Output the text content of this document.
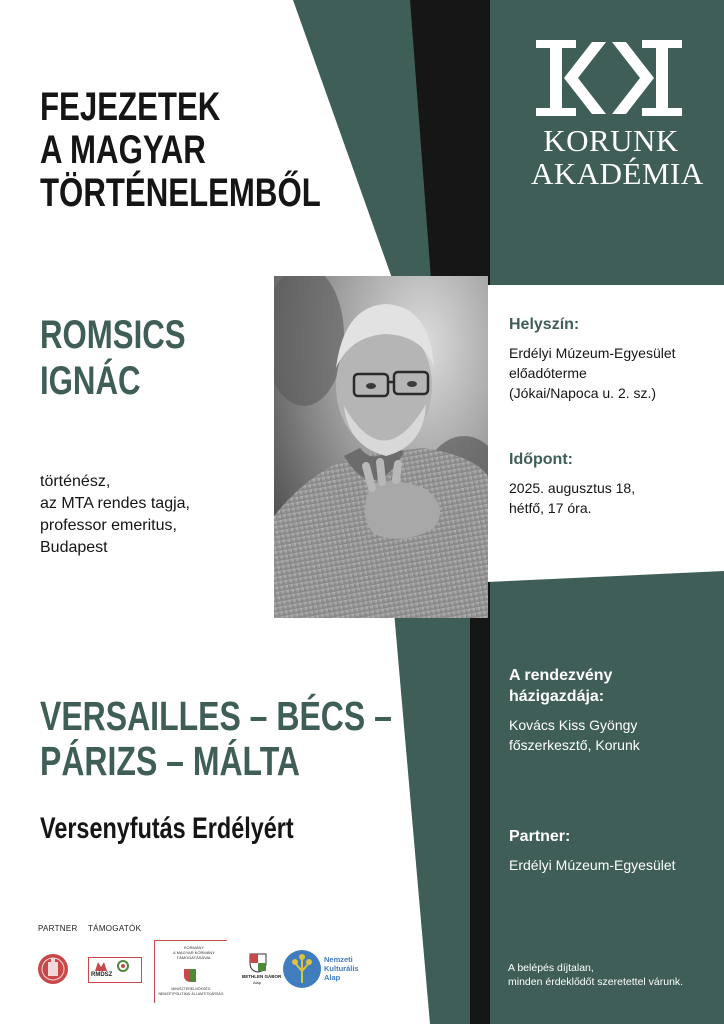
KORUNK
AKADÉMIA
FEJEZETEK
A MAGYAR
TÖRTÉNELEMBŐL
ROMSICS
IGNÁC
történész,
az MTA rendes tagja,
professor emeritus,
Budapest
Helyszín:
Erdélyi Múzeum-Egyesület
előadóterme
(Jókai/Napoca u. 2. sz.)
Időpont:
2025. augusztus 18,
hétfő, 17 óra.
A rendezvény
házigazdája:
Kovács Kiss Gyöngy
főszerkesztő, Korunk
Partner:
Erdélyi Múzeum-Egyesület
VERSAILLES – BÉCS –
PÁRIZS – MÁLTA
Versenyfutás Erdélyért
PARTNER TÁMOGATÓK
RMDSZ
KORMÁNY
A MAGYAR KORMÁNY
TÁMOGATÁSÁVAL
MINISZTERELNÖKSÉG
NEMZETPOLITIKAI ÁLLAMTITKÁRSÁG
BETHLEN GÁBOR
Alap
Nemzeti
Kulturális
Alap
A belépés díjtalan,
minden érdeklődőt szeretettel várunk.
